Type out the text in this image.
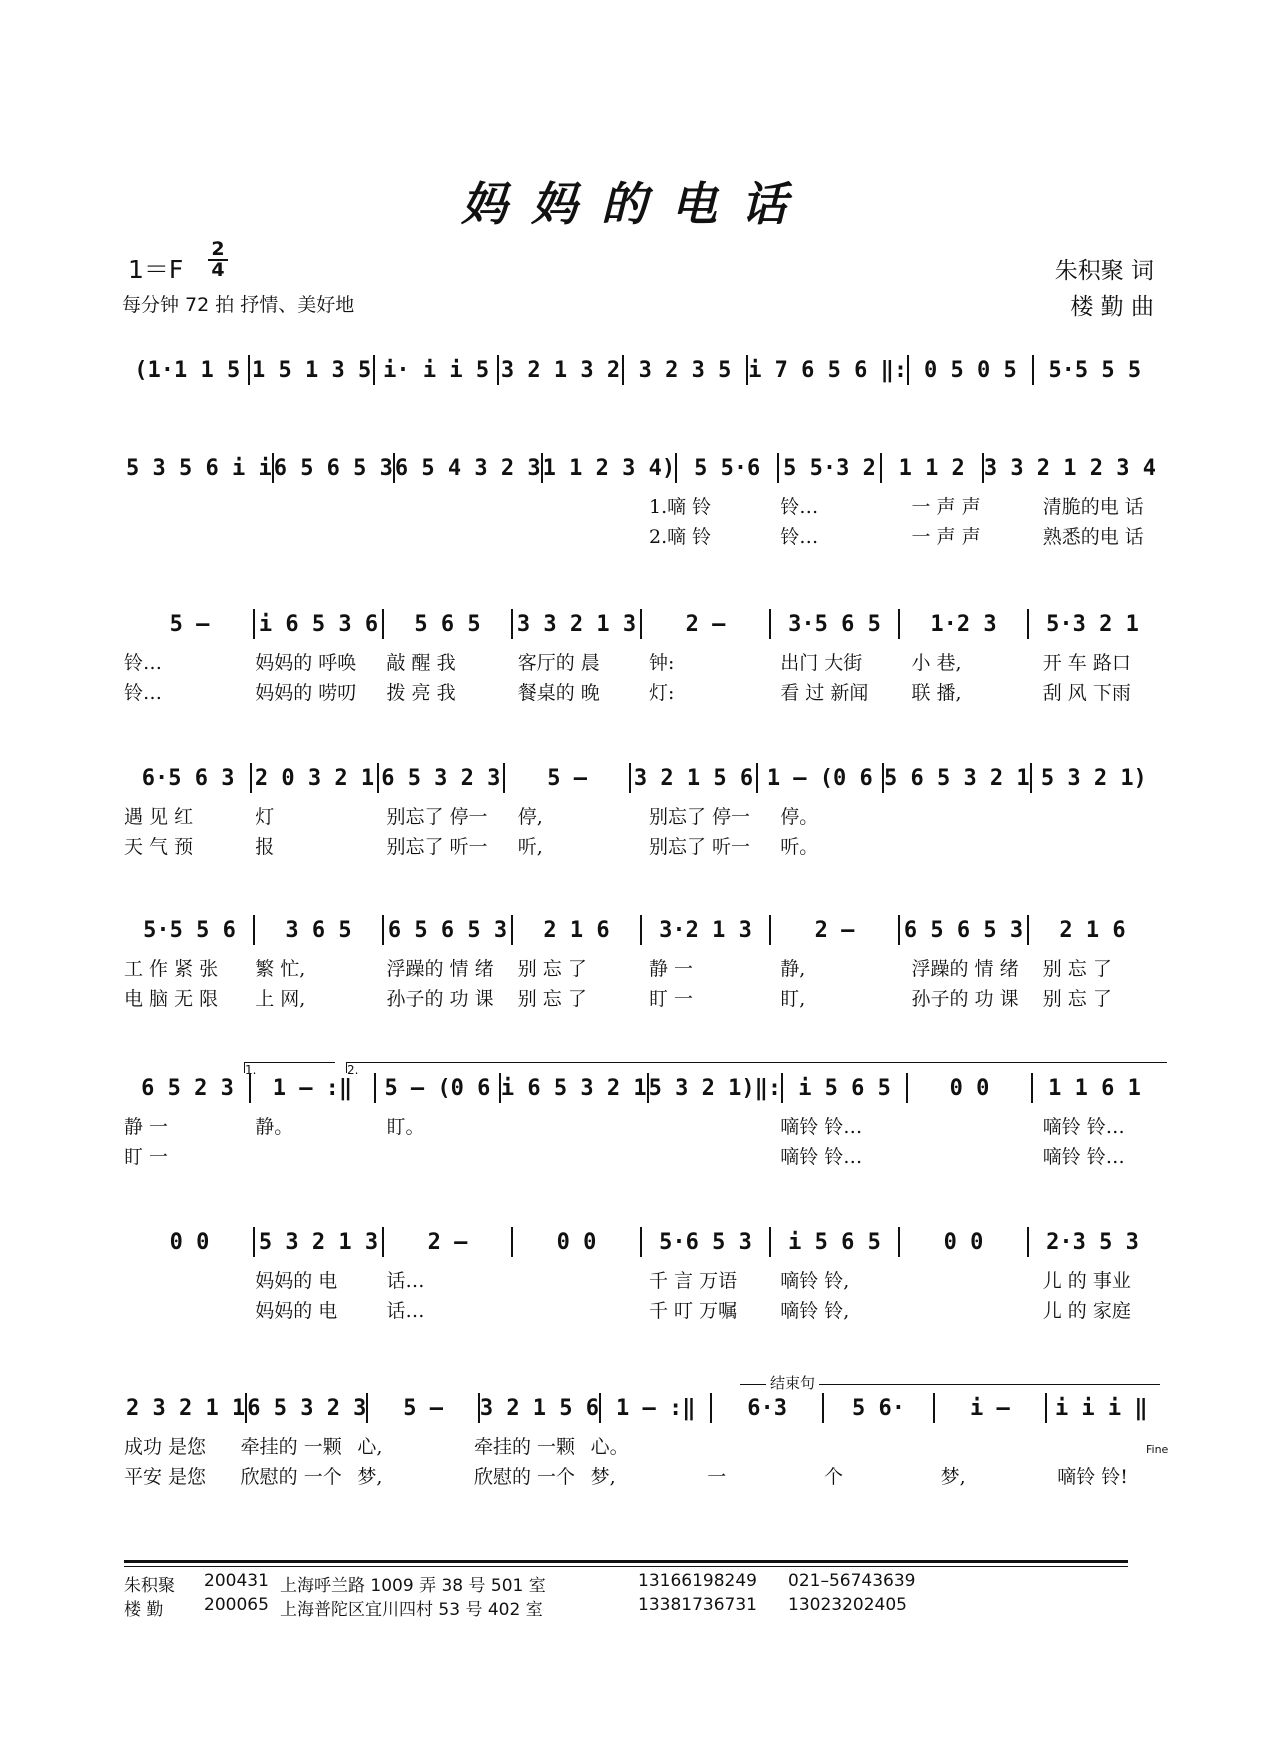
妈妈的电话
1＝F
2
4
每分钟 72 拍 抒情、美好地
朱积聚 词
楼 勤 曲
(1·1 1 5 1 5 1 3 5 i· i i 5 3 2 1 3 2 3 2 3 5 i 7 6 5 6 ‖: 0 5 0 5	5·5 5 5
5 3 5 6 i i 6 5 6 5 3 6 5 4 3 2 3 1 1 2 3 4) 5 5·6	5 5·3 2	1 1 2 3 3 2 1 2 3 4
1.嘀 铃	铃…	一 声 声	清脆的电 话
2.嘀 铃	铃…	一 声 声	熟悉的电 话
5 –	i 6 5 3 6	5 6 5	3 3 2 1 3	2 –	3·5 6 5	1·2 3	5·3 2 1
铃…	妈妈的 呼唤	敲 醒 我	客厅的 晨	钟:	出门 大街	小 巷,	开 车 路口
铃…	妈妈的 唠叨	拨 亮 我	餐桌的 晚	灯:	看 过 新闻	联 播,	刮 风 下雨
6·5 6 3 2 0 3 2 1 6 5 3 2 3	5 –	3 2 1 5 6 1 – (0 6 5 6 5 3 2 1 5 3 2 1)
遇 见 红	灯	别忘了 停一	停,	别忘了 停一	停。
天 气 预	报	别忘了 听一	听,	别忘了 听一	听。
5·5 5 6	3 6 5	6 5 6 5 3	2 1 6	3·2 1 3	2 –	6 5 6 5 3	2 1 6
工 作 紧 张	繁 忙,	浮躁的 情 绪	别 忘 了	静 一	静,	浮躁的 情 绪	别 忘 了
电 脑 无 限	上 网,	孙子的 功 课	别 忘 了	盯 一	盯,	孙子的 功 课	别 忘 了
6 5 2 3	1 – :‖	5 – (0 6 i 6 5 3 2 1 5 3 2 1)‖: i 5 6 5	0 0	1 1 6 1
静 一	静。	盯。	嘀铃 铃…	嘀铃 铃…
盯 一	嘀铃 铃…	嘀铃 铃…
0 0	5 3 2 1 3	2 –	0 0	5·6 5 3	i 5 6 5	0 0	2·3 5 3
妈妈的 电	话…	千 言 万语	嘀铃 铃,	儿 的 事业
妈妈的 电	话…	千 叮 万嘱	嘀铃 铃,	儿 的 家庭
2 3 2 1 1 6 5 3 2 3	5 –	3 2 1 5 6 1 – :‖	6·3	5 6·	i –	i i i ‖
成功 是您	牵挂的 一颗 心,	牵挂的 一颗 心。
平安 是您	欣慰的 一个 梦,	欣慰的 一个 梦,	一	个	梦,	嘀铃 铃!
1.	2.
结束句
Fine
朱积聚	200431 上海呼兰路 1009 弄 38 号 501 室	13166198249	021–56743639
楼 勤	200065 上海普陀区宜川四村 53 号 402 室	13381736731	13023202405
